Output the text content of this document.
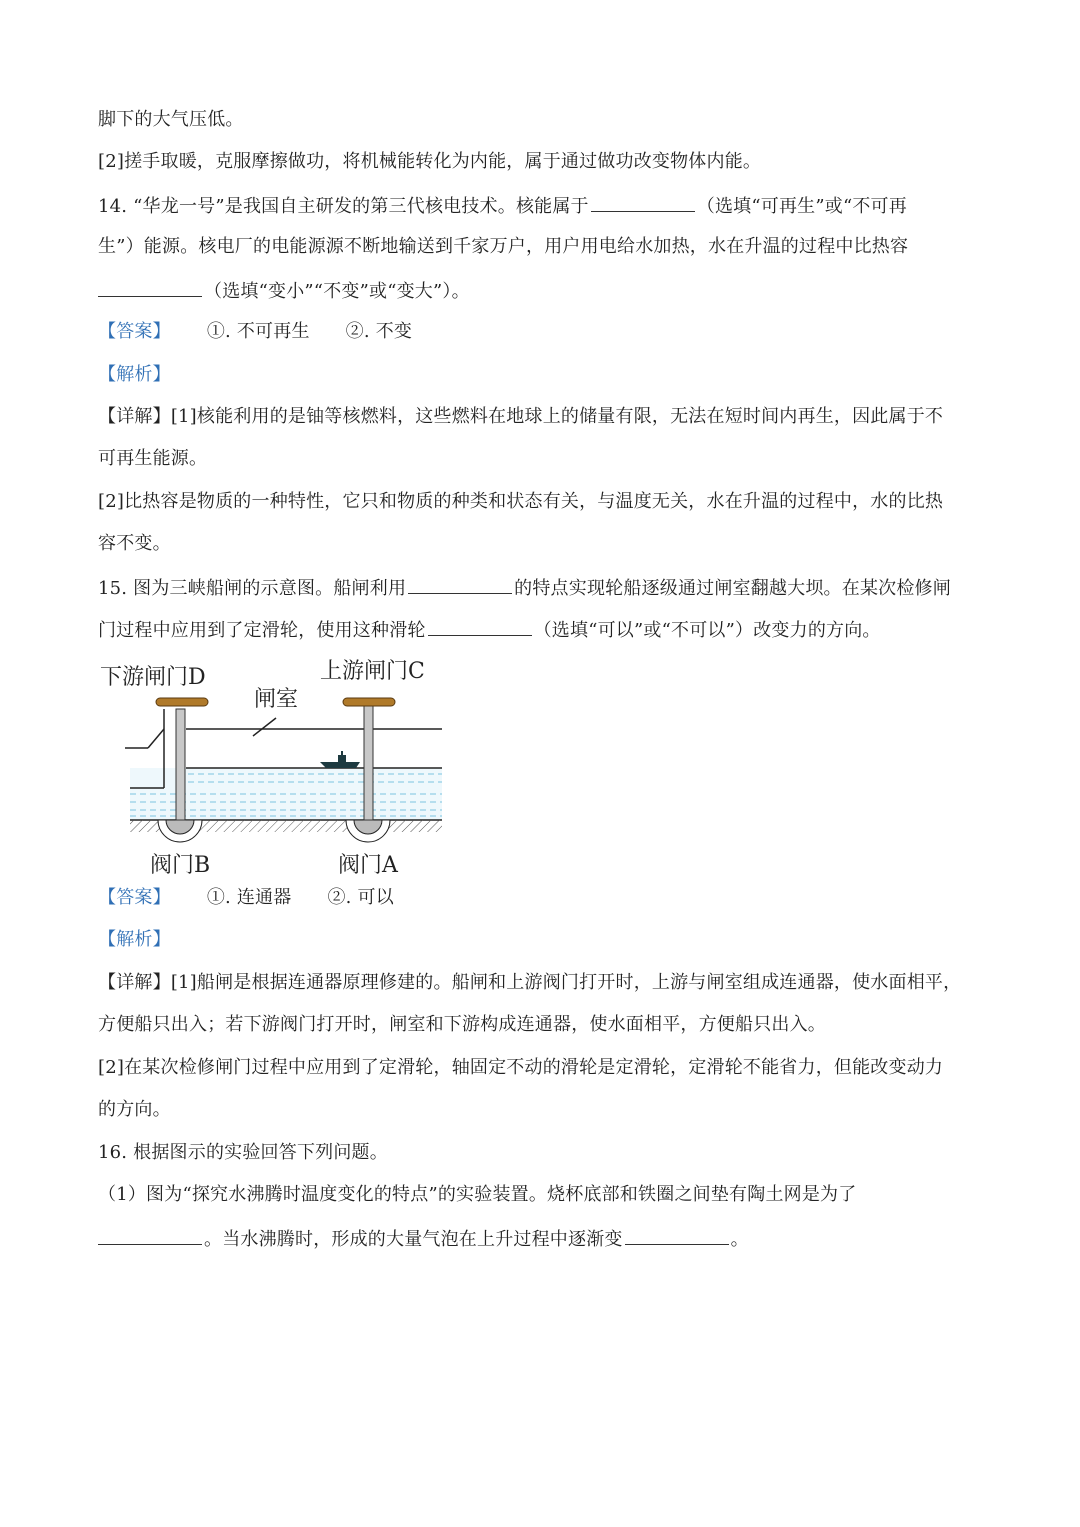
脚下的大气压低。
[2]搓手取暖，克服摩擦做功，将机械能转化为内能，属于通过做功改变物体内能。
14. “华龙一号”是我国自主研发的第三代核电技术。核能属于	（选填“可再生”或“不可再
生”）能源。核电厂的电能源源不断地输送到千家万户，用户用电给水加热，水在升温的过程中比热容
（选填“变小”“不变”或“变大”）。
【答案】 ①. 不可再生 ②. 不变
【解析】
【详解】[1]核能利用的是铀等核燃料，这些燃料在地球上的储量有限，无法在短时间内再生，因此属于不
可再生能源。
[2]比热容是物质的一种特性，它只和物质的种类和状态有关，与温度无关，水在升温的过程中，水的比热
容不变。
15. 图为三峡船闸的示意图。船闸利用	的特点实现轮船逐级通过闸室翻越大坝。在某次检修闸
门过程中应用到了定滑轮，使用这种滑轮	（选填“可以”或“不可以”）改变力的方向。
下游闸门D	上游闸门C
闸室
阀门B	阀门A
【答案】 ①. 连通器 ②. 可以
【解析】
【详解】[1]船闸是根据连通器原理修建的。船闸和上游阀门打开时，上游与闸室组成连通器，使水面相平，
方便船只出入；若下游阀门打开时，闸室和下游构成连通器，使水面相平，方便船只出入。
[2]在某次检修闸门过程中应用到了定滑轮，轴固定不动的滑轮是定滑轮，定滑轮不能省力，但能改变动力
的方向。
16. 根据图示的实验回答下列问题。
（1）图为“探究水沸腾时温度变化的特点”的实验装置。烧杯底部和铁圈之间垫有陶土网是为了
。当水沸腾时，形成的大量气泡在上升过程中逐渐变	。
